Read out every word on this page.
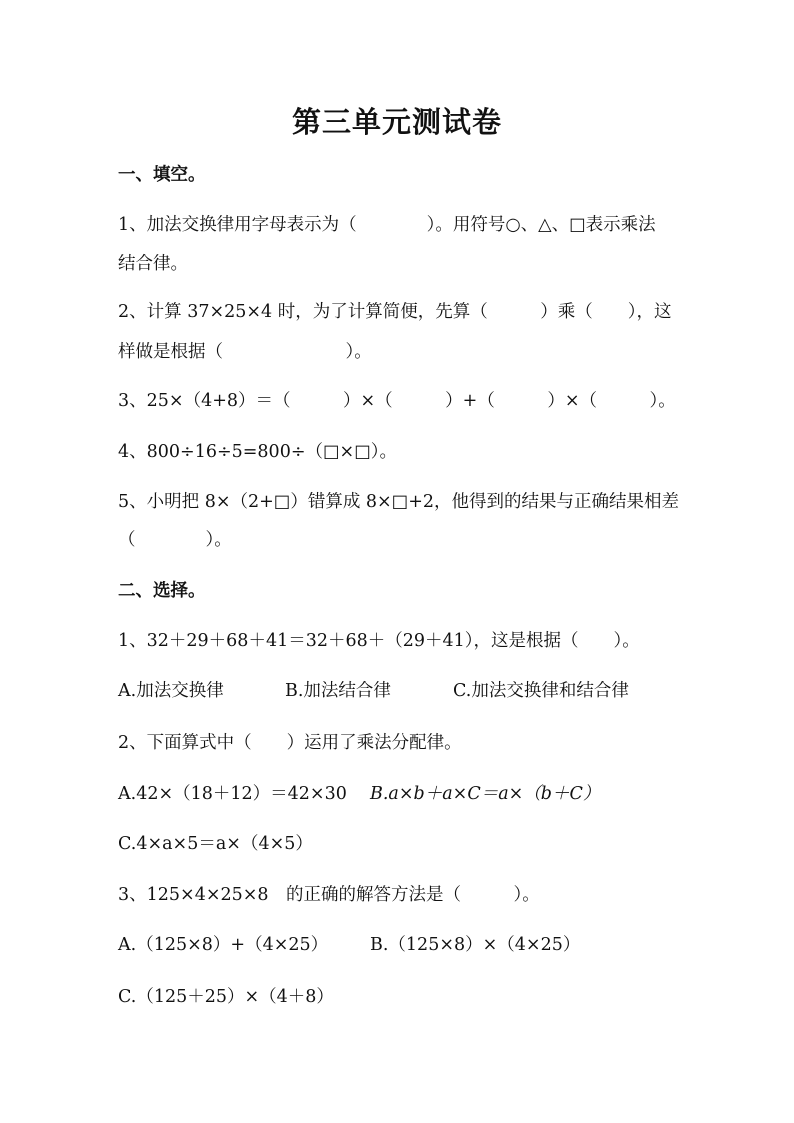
第三单元测试卷
一、填空。
1、加法交换律用字母表示为（　　　　）。用符号○、△、□表示乘法
结合律。
2、计算 37×25×4 时，为了计算简便，先算（　　　）乘（　　），这
样做是根据（　　　　　　　）。
3、25×（4+8）＝（　　　）×（　　　）+（　　　）×（　　　）。
4、800÷16÷5=800÷（□×□）。
5、小明把 8×（2+□）错算成 8×□+2，他得到的结果与正确结果相差
（　　　　）。
二、选择。
1、32＋29＋68＋41＝32＋68＋（29＋41），这是根据（　　）。
A.加法交换律	B.加法结合律	C.加法交换律和结合律
2、下面算式中（　　）运用了乘法分配律。
A.42×（18＋12）＝42×30 B.a×b＋a×C＝a×（b＋C）
C.4×a×5＝a×（4×5）
3、125×4×25×8　的正确的解答方法是（　　　）。
A.（125×8）+（4×25） B.（125×8）×（4×25）
C.（125＋25）×（4＋8）
